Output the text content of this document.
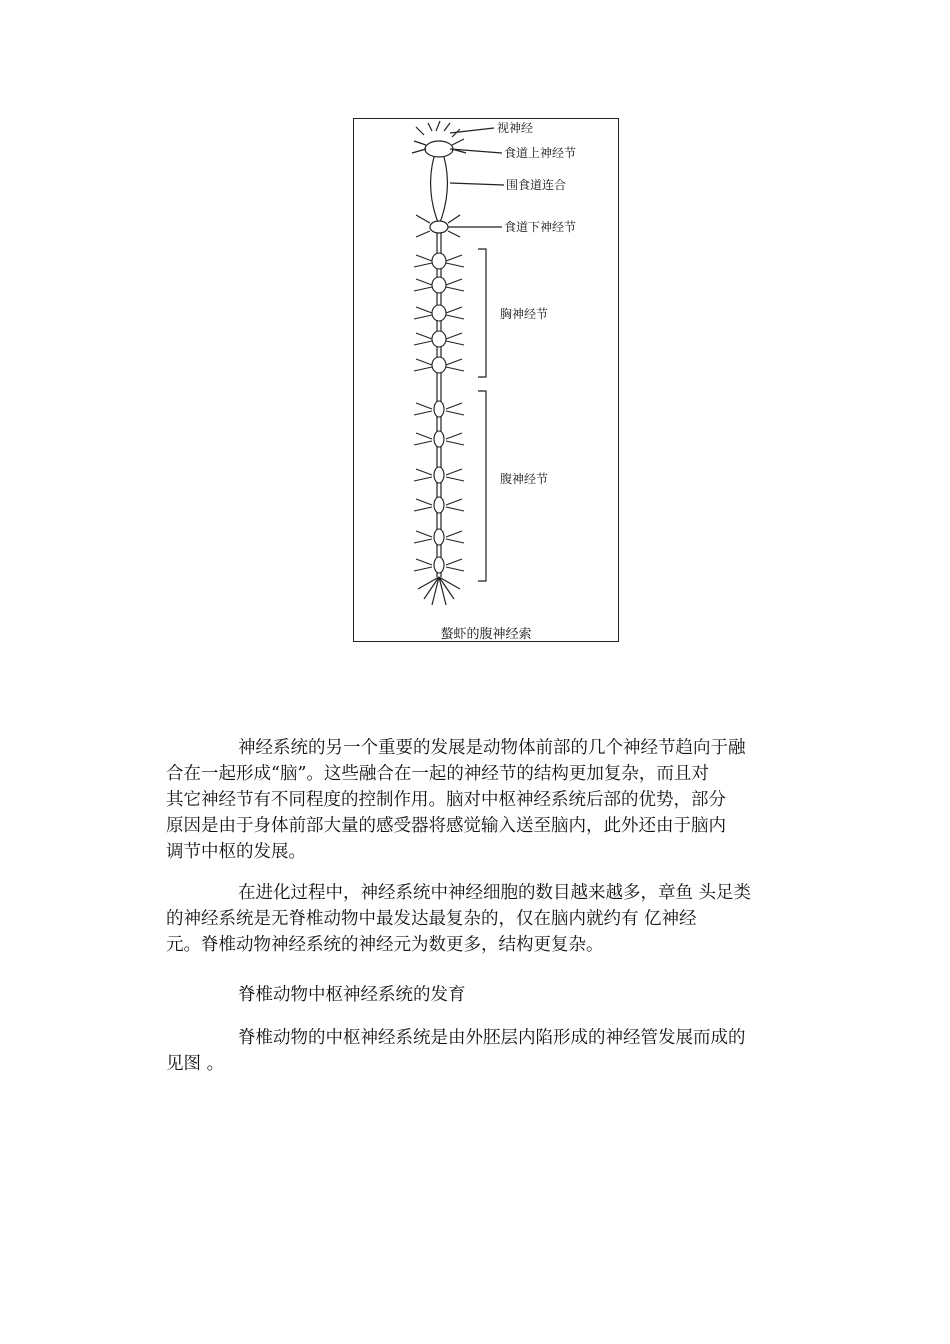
视神经
食道上神经节
围食道连合
食道下神经节
胸神经节
腹神经节
螯虾的腹神经索

神经系统的另一个重要的发展是动物体前部的几个神经节趋向于融
合在一起形成“脑”。这些融合在一起的神经节的结构更加复杂，而且对
其它神经节有不同程度的控制作用。脑对中枢神经系统后部的优势，部分
原因是由于身体前部大量的感受器将感觉输入送至脑内，此外还由于脑内
调节中枢的发展。

在进化过程中，神经系统中神经细胞的数目越来越多，章鱼 头足类
的神经系统是无脊椎动物中最发达最复杂的，仅在脑内就约有 亿神经
元。脊椎动物神经系统的神经元为数更多，结构更复杂。

脊椎动物中枢神经系统的发育

脊椎动物的中枢神经系统是由外胚层内陷形成的神经管发展而成的
见图 。
